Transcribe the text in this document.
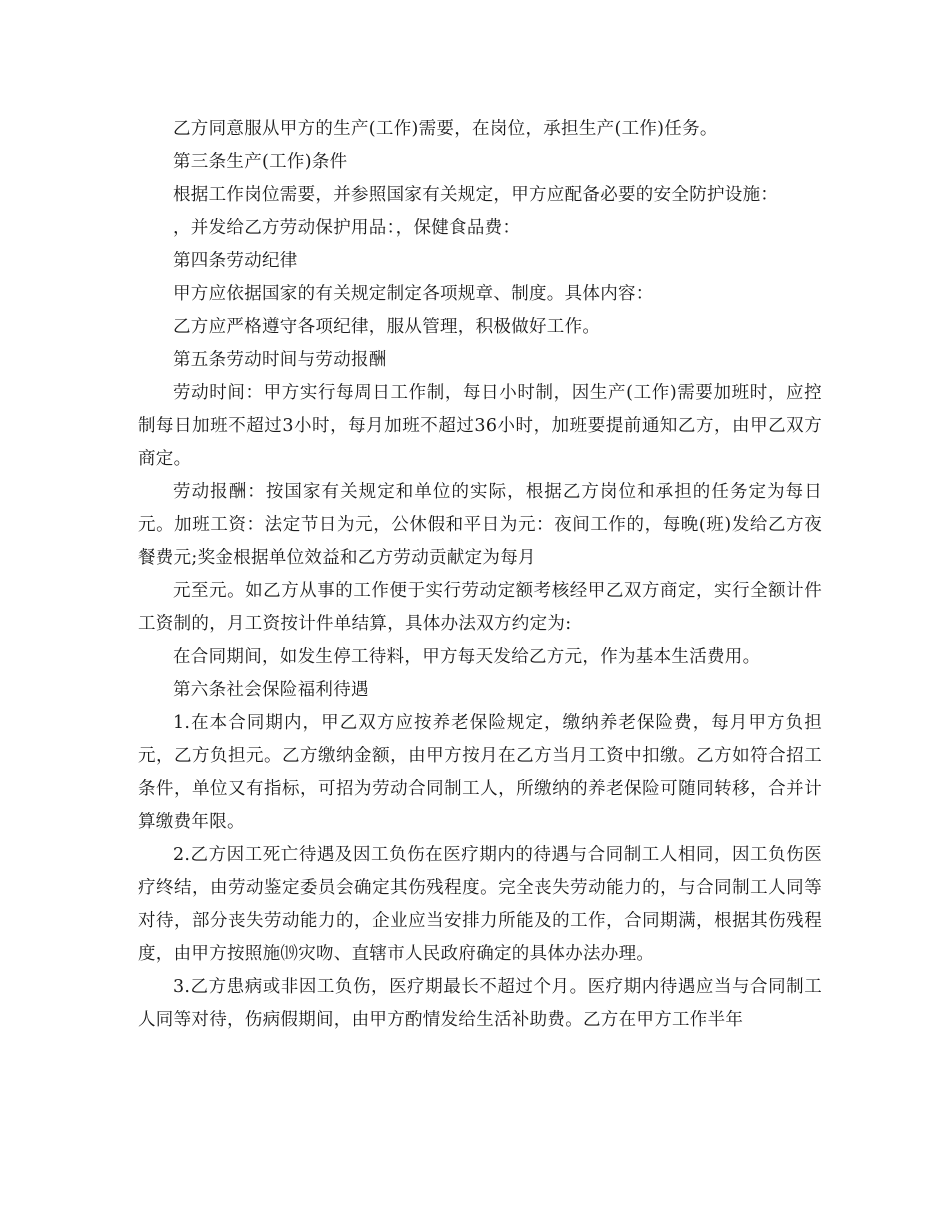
乙方同意服从甲方的生产(工作)需要，在岗位，承担生产(工作)任务。

第三条生产(工作)条件

根据工作岗位需要，并参照国家有关规定，甲方应配备必要的安全防护设施：

，并发给乙方劳动保护用品：，保健食品费：

第四条劳动纪律

甲方应依据国家的有关规定制定各项规章、制度。具体内容：

乙方应严格遵守各项纪律，服从管理，积极做好工作。

第五条劳动时间与劳动报酬

劳动时间：甲方实行每周日工作制，每日小时制，因生产(工作)需要加班时，应控制每日加班不超过3小时，每月加班不超过36小时，加班要提前通知乙方，由甲乙双方商定。

劳动报酬：按国家有关规定和单位的实际，根据乙方岗位和承担的任务定为每日元。加班工资：法定节日为元，公休假和平日为元：夜间工作的，每晚(班)发给乙方夜餐费元;奖金根据单位效益和乙方劳动贡献定为每月

元至元。如乙方从事的工作便于实行劳动定额考核经甲乙双方商定，实行全额计件工资制的，月工资按计件单结算，具体办法双方约定为:

在合同期间，如发生停工待料，甲方每天发给乙方元，作为基本生活费用。

第六条社会保险福利待遇

1.在本合同期内，甲乙双方应按养老保险规定，缴纳养老保险费，每月甲方负担元，乙方负担元。乙方缴纳金额，由甲方按月在乙方当月工资中扣缴。乙方如符合招工条件，单位又有指标，可招为劳动合同制工人，所缴纳的养老保险可随同转移，合并计算缴费年限。

2.乙方因工死亡待遇及因工负伤在医疗期内的待遇与合同制工人相同，因工负伤医疗终结，由劳动鉴定委员会确定其伤残程度。完全丧失劳动能力的，与合同制工人同等对待，部分丧失劳动能力的，企业应当安排力所能及的工作，合同期满，根据其伤残程度，由甲方按照施⒆灾吻、直辖市人民政府确定的具体办法办理。

3.乙方患病或非因工负伤，医疗期最长不超过个月。医疗期内待遇应当与合同制工人同等对待，伤病假期间，由甲方酌情发给生活补助费。乙方在甲方工作半年
